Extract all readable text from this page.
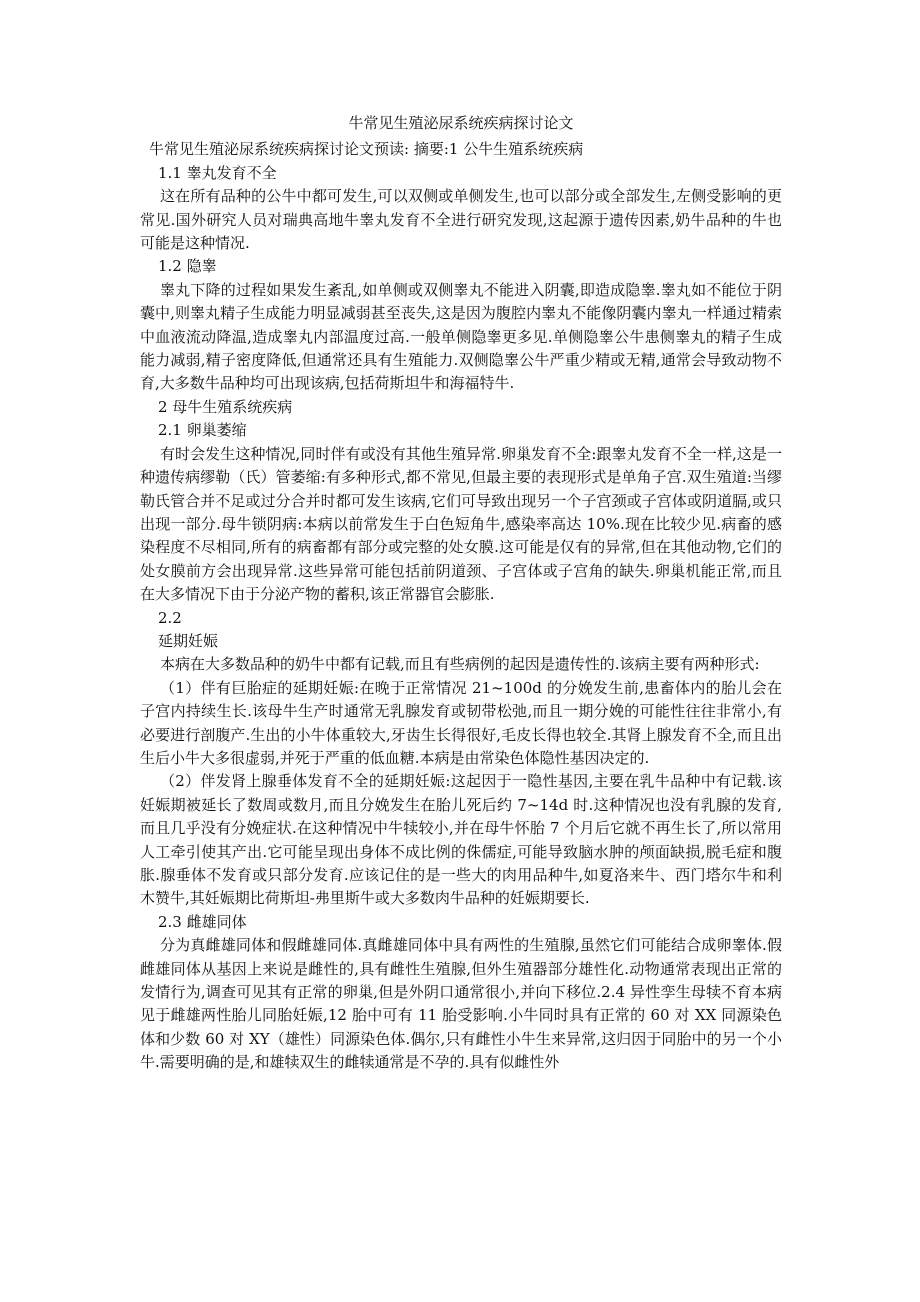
牛常见生殖泌尿系统疾病探讨论文

牛常见生殖泌尿系统疾病探讨论文预读: 摘要:1 公牛生殖系统疾病

1.1 睾丸发育不全

这在所有品种的公牛中都可发生,可以双侧或单侧发生,也可以部分或全部发生,左侧受影响的更常见.国外研究人员对瑞典高地牛睾丸发育不全进行研究发现,这起源于遗传因素,奶牛品种的牛也可能是这种情况.

1.2 隐睾

睾丸下降的过程如果发生紊乱,如单侧或双侧睾丸不能进入阴囊,即造成隐睾.睾丸如不能位于阴囊中,则睾丸精子生成能力明显减弱甚至丧失,这是因为腹腔内睾丸不能像阴囊内睾丸一样通过精索中血液流动降温,造成睾丸内部温度过高.一般单侧隐睾更多见.单侧隐睾公牛患侧睾丸的精子生成能力减弱,精子密度降低,但通常还具有生殖能力.双侧隐睾公牛严重少精或无精,通常会导致动物不育,大多数牛品种均可出现该病,包括荷斯坦牛和海福特牛.

2 母牛生殖系统疾病

2.1 卵巢萎缩

有时会发生这种情况,同时伴有或没有其他生殖异常.卵巢发育不全:跟睾丸发育不全一样,这是一种遗传病缪勒（氏）管萎缩:有多种形式,都不常见,但最主要的表现形式是单角子宫.双生殖道:当缪勒氏管合并不足或过分合并时都可发生该病,它们可导致出现另一个子宫颈或子宫体或阴道膈,或只出现一部分.母牛锁阴病:本病以前常发生于白色短角牛,感染率高达 10%.现在比较少见.病畜的感染程度不尽相同,所有的病畜都有部分或完整的处女膜.这可能是仅有的异常,但在其他动物,它们的处女膜前方会出现异常.这些异常可能包括前阴道颈、子宫体或子宫角的缺失.卵巢机能正常,而且在大多情况下由于分泌产物的蓄积,该正常器官会膨胀.

2.2

延期妊娠

本病在大多数品种的奶牛中都有记载,而且有些病例的起因是遗传性的.该病主要有两种形式:

（1）伴有巨胎症的延期妊娠:在晚于正常情况 21~100d 的分娩发生前,患畜体内的胎儿会在子宫内持续生长.该母牛生产时通常无乳腺发育或韧带松弛,而且一期分娩的可能性往往非常小,有必要进行剖腹产.生出的小牛体重较大,牙齿生长得很好,毛皮长得也较全.其肾上腺发育不全,而且出生后小牛大多很虚弱,并死于严重的低血糖.本病是由常染色体隐性基因决定的.

（2）伴发肾上腺垂体发育不全的延期妊娠:这起因于一隐性基因,主要在乳牛品种中有记载.该妊娠期被延长了数周或数月,而且分娩发生在胎儿死后约 7~14d 时.这种情况也没有乳腺的发育,而且几乎没有分娩症状.在这种情况中牛犊较小,并在母牛怀胎 7 个月后它就不再生长了,所以常用人工牵引使其产出.它可能呈现出身体不成比例的侏儒症,可能导致脑水肿的颅面缺损,脱毛症和腹胀.腺垂体不发育或只部分发育.应该记住的是一些大的肉用品种牛,如夏洛来牛、西门塔尔牛和利木赞牛,其妊娠期比荷斯坦-弗里斯牛或大多数肉牛品种的妊娠期要长.

2.3 雌雄同体

分为真雌雄同体和假雌雄同体.真雌雄同体中具有两性的生殖腺,虽然它们可能结合成卵睾体.假雌雄同体从基因上来说是雌性的,具有雌性生殖腺,但外生殖器部分雄性化.动物通常表现出正常的发情行为,调查可见其有正常的卵巢,但是外阴口通常很小,并向下移位.2.4 异性孪生母犊不育本病见于雌雄两性胎儿同胎妊娠,12 胎中可有 11 胎受影响.小牛同时具有正常的 60 对 XX 同源染色体和少数 60 对 XY（雄性）同源染色体.偶尔,只有雌性小牛生来异常,这归因于同胎中的另一个小牛.需要明确的是,和雄犊双生的雌犊通常是不孕的.具有似雌性外
